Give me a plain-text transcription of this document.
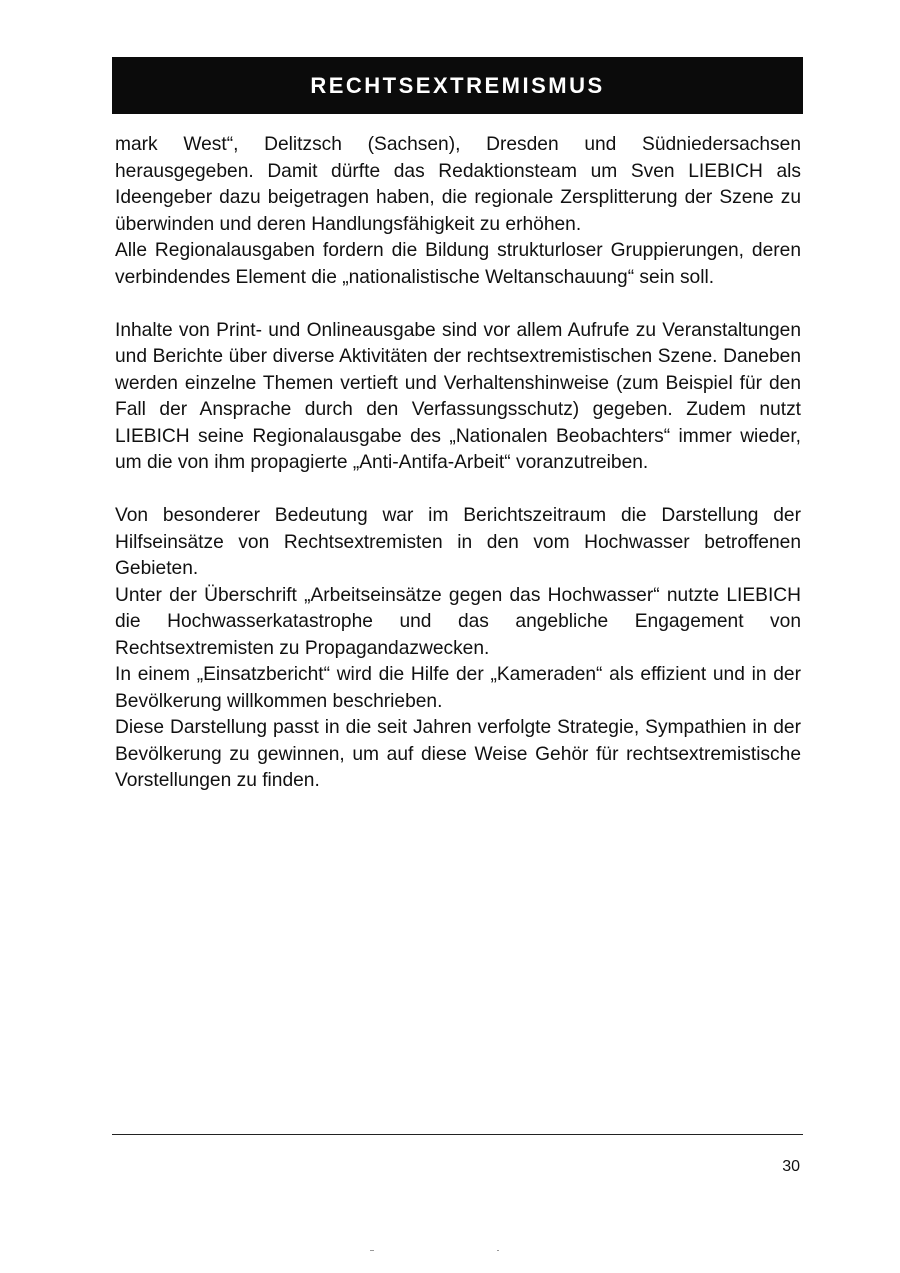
RECHTSEXTREMISMUS

mark West“, Delitzsch (Sachsen), Dresden und Südniedersachsen herausgegeben. Damit dürfte das Redaktionsteam um Sven LIEBICH als Ideengeber dazu beigetragen haben, die regionale Zersplitterung der Szene zu überwinden und deren Handlungsfähigkeit zu erhöhen.

Alle Regionalausgaben fordern die Bildung strukturloser Gruppierungen, deren verbindendes Element die „nationalistische Weltanschauung“ sein soll.

Inhalte von Print- und Onlineausgabe sind vor allem Aufrufe zu Veranstaltungen und Berichte über diverse Aktivitäten der rechtsextremistischen Szene. Daneben werden einzelne Themen vertieft und Verhaltenshinweise (zum Beispiel für den Fall der Ansprache durch den Verfassungsschutz) gegeben. Zudem nutzt LIEBICH seine Regionalausgabe des „Nationalen Beobachters“ immer wieder, um die von ihm propagierte „Anti-Antifa-Arbeit“ voranzutreiben.

Von besonderer Bedeutung war im Berichtszeitraum die Darstellung der Hilfseinsätze von Rechtsextremisten in den vom Hochwasser betroffenen Gebieten.

Unter der Überschrift „Arbeitseinsätze gegen das Hochwasser“ nutzte LIEBICH die Hochwasserkatastrophe und das angebliche Engagement von Rechtsextremisten zu Propagandazwecken.

In einem „Einsatzbericht“ wird die Hilfe der „Kameraden“ als effizient und in der Bevölkerung willkommen beschrieben.

Diese Darstellung passt in die seit Jahren verfolgte Strategie, Sympathien in der Bevölkerung zu gewinnen, um auf diese Weise Gehör für rechtsextremistische Vorstellungen zu finden.

30
